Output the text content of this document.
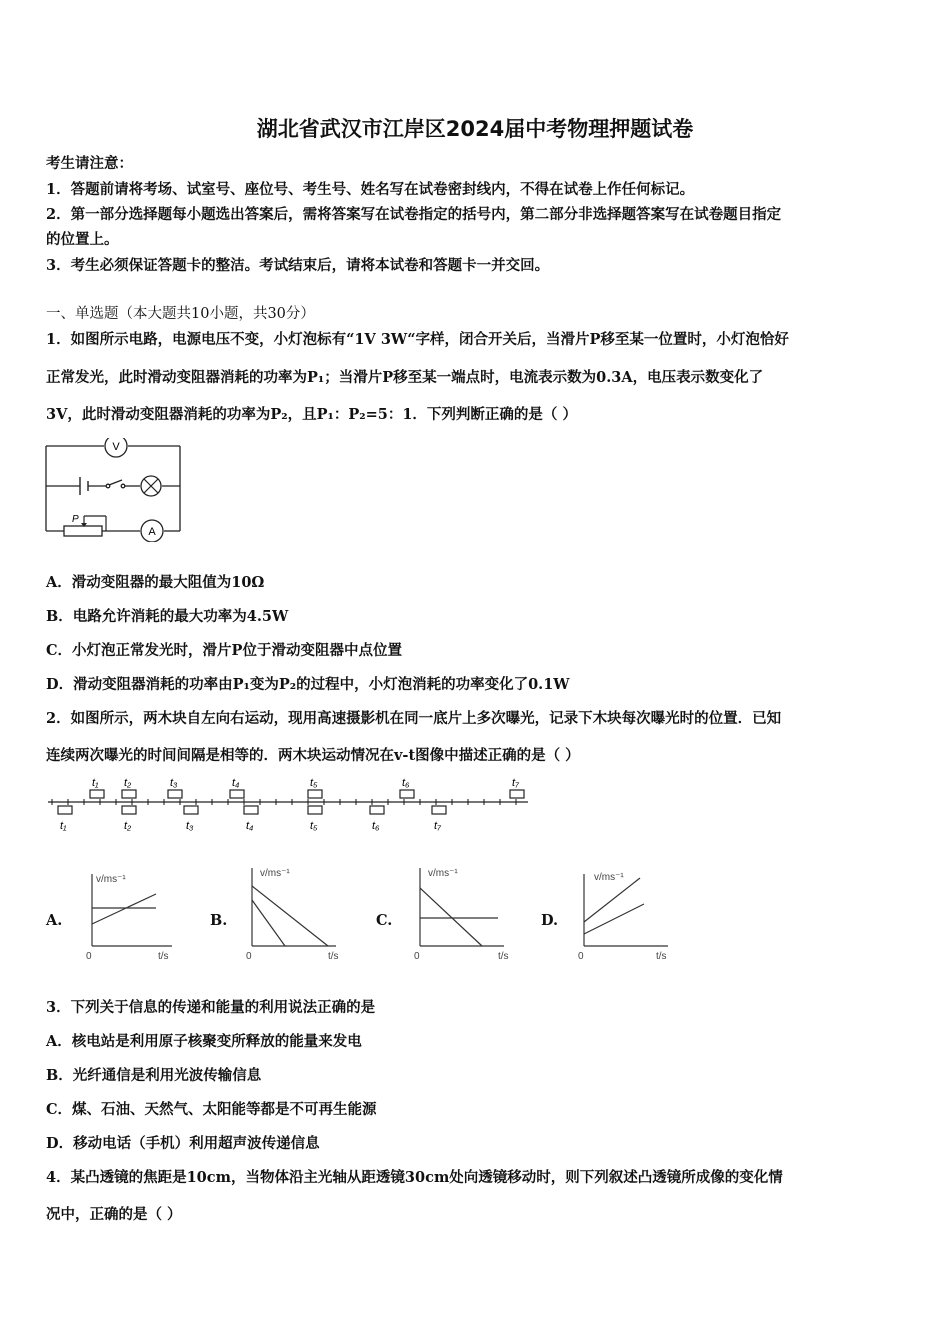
湖北省武汉市江岸区2024届中考物理押题试卷
考生请注意：
1．答题前请将考场、试室号、座位号、考生号、姓名写在试卷密封线内，不得在试卷上作任何标记。
2．第一部分选择题每小题选出答案后，需将答案写在试卷指定的括号内，第二部分非选择题答案写在试卷题目指定
的位置上。
3．考生必须保证答题卡的整洁。考试结束后，请将本试卷和答题卡一并交回。
一、单选题（本大题共10小题，共30分）
1．如图所示电路，电源电压不变，小灯泡标有“1V 3W“字样，闭合开关后，当滑片P移至某一位置时，小灯泡恰好
正常发光，此时滑动变阻器消耗的功率为P₁；当滑片P移至某一端点时，电流表示数为0.3A，电压表示数变化了
3V，此时滑动变阻器消耗的功率为P₂，且P₁：P₂=5：1．下列判断正确的是（ ）
V
P
A
A．滑动变阻器的最大阻值为10Ω
B．电路允许消耗的最大功率为4.5W
C．小灯泡正常发光时，滑片P位于滑动变阻器中点位置
D．滑动变阻器消耗的功率由P₁变为P₂的过程中，小灯泡消耗的功率变化了0.1W
2．如图所示，两木块自左向右运动，现用高速摄影机在同一底片上多次曝光，记录下木块每次曝光时的位置．已知
连续两次曝光的时间间隔是相等的．两木块运动情况在v-t图像中描述正确的是（ ）
t₁ t₂	t₃	t₄	t₅	t₆	t₇
t₁	t₂	t₃	t₄	t₅	t₆	t₇
A.	B.	C.	D.
v/ms⁻¹
0	t/s
v/ms⁻¹
0	t/s
v/ms⁻¹
0	t/s
v/ms⁻¹
0	t/s
3．下列关于信息的传递和能量的利用说法正确的是
A．核电站是利用原子核聚变所释放的能量来发电
B．光纤通信是利用光波传输信息
C．煤、石油、天然气、太阳能等都是不可再生能源
D．移动电话（手机）利用超声波传递信息
4．某凸透镜的焦距是10cm，当物体沿主光轴从距透镜30cm处向透镜移动时，则下列叙述凸透镜所成像的变化情
况中，正确的是（ ）
